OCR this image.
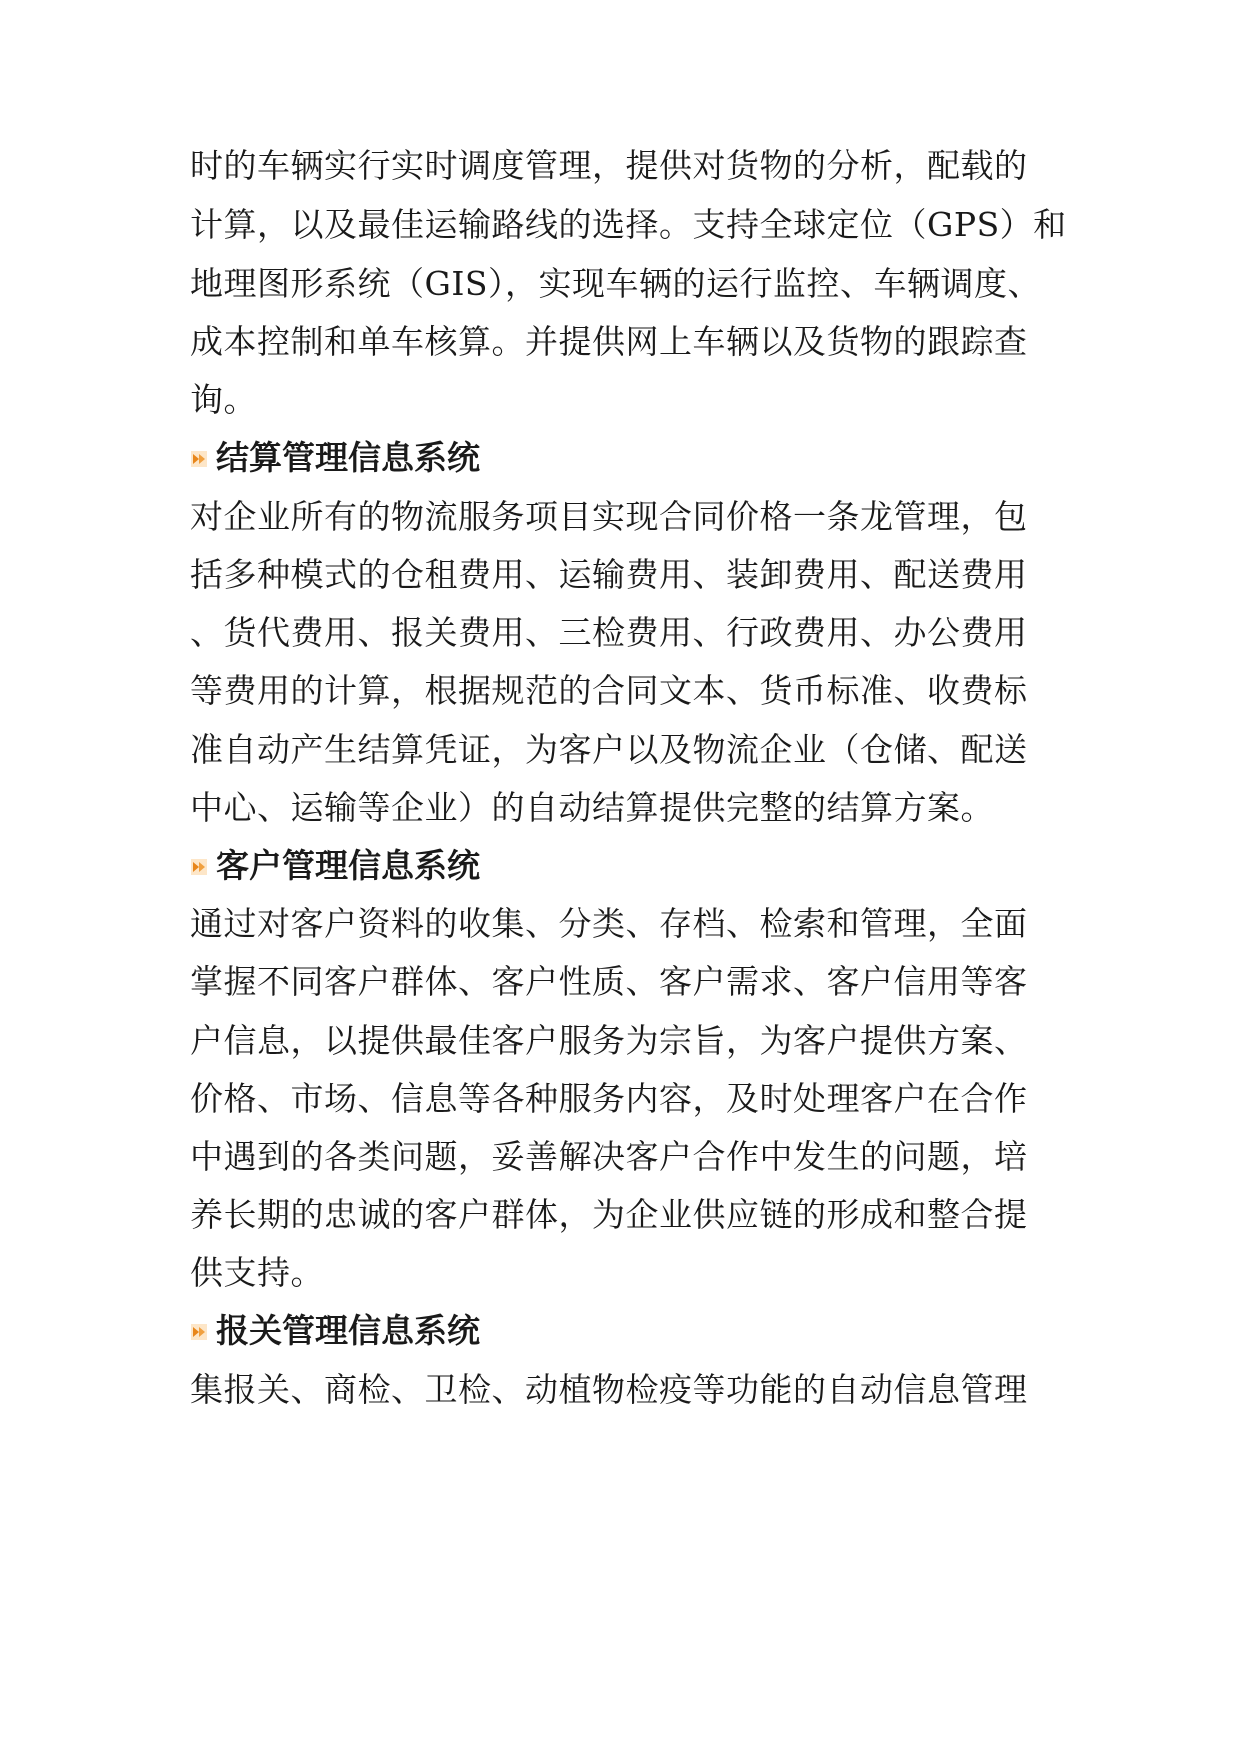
时的车辆实行实时调度管理，提供对货物的分析，配载的
计算，以及最佳运输路线的选择。支持全球定位（GPS）和
地理图形系统（GIS），实现车辆的运行监控、车辆调度、
成本控制和单车核算。并提供网上车辆以及货物的跟踪查
询。
结算管理信息系统
对企业所有的物流服务项目实现合同价格一条龙管理，包
括多种模式的仓租费用、运输费用、装卸费用、配送费用
、货代费用、报关费用、三检费用、行政费用、办公费用
等费用的计算，根据规范的合同文本、货币标准、收费标
准自动产生结算凭证，为客户以及物流企业（仓储、配送
中心、运输等企业）的自动结算提供完整的结算方案。
客户管理信息系统
通过对客户资料的收集、分类、存档、检索和管理，全面
掌握不同客户群体、客户性质、客户需求、客户信用等客
户信息，以提供最佳客户服务为宗旨，为客户提供方案、
价格、市场、信息等各种服务内容，及时处理客户在合作
中遇到的各类问题，妥善解决客户合作中发生的问题，培
养长期的忠诚的客户群体，为企业供应链的形成和整合提
供支持。
报关管理信息系统
集报关、商检、卫检、动植物检疫等功能的自动信息管理
